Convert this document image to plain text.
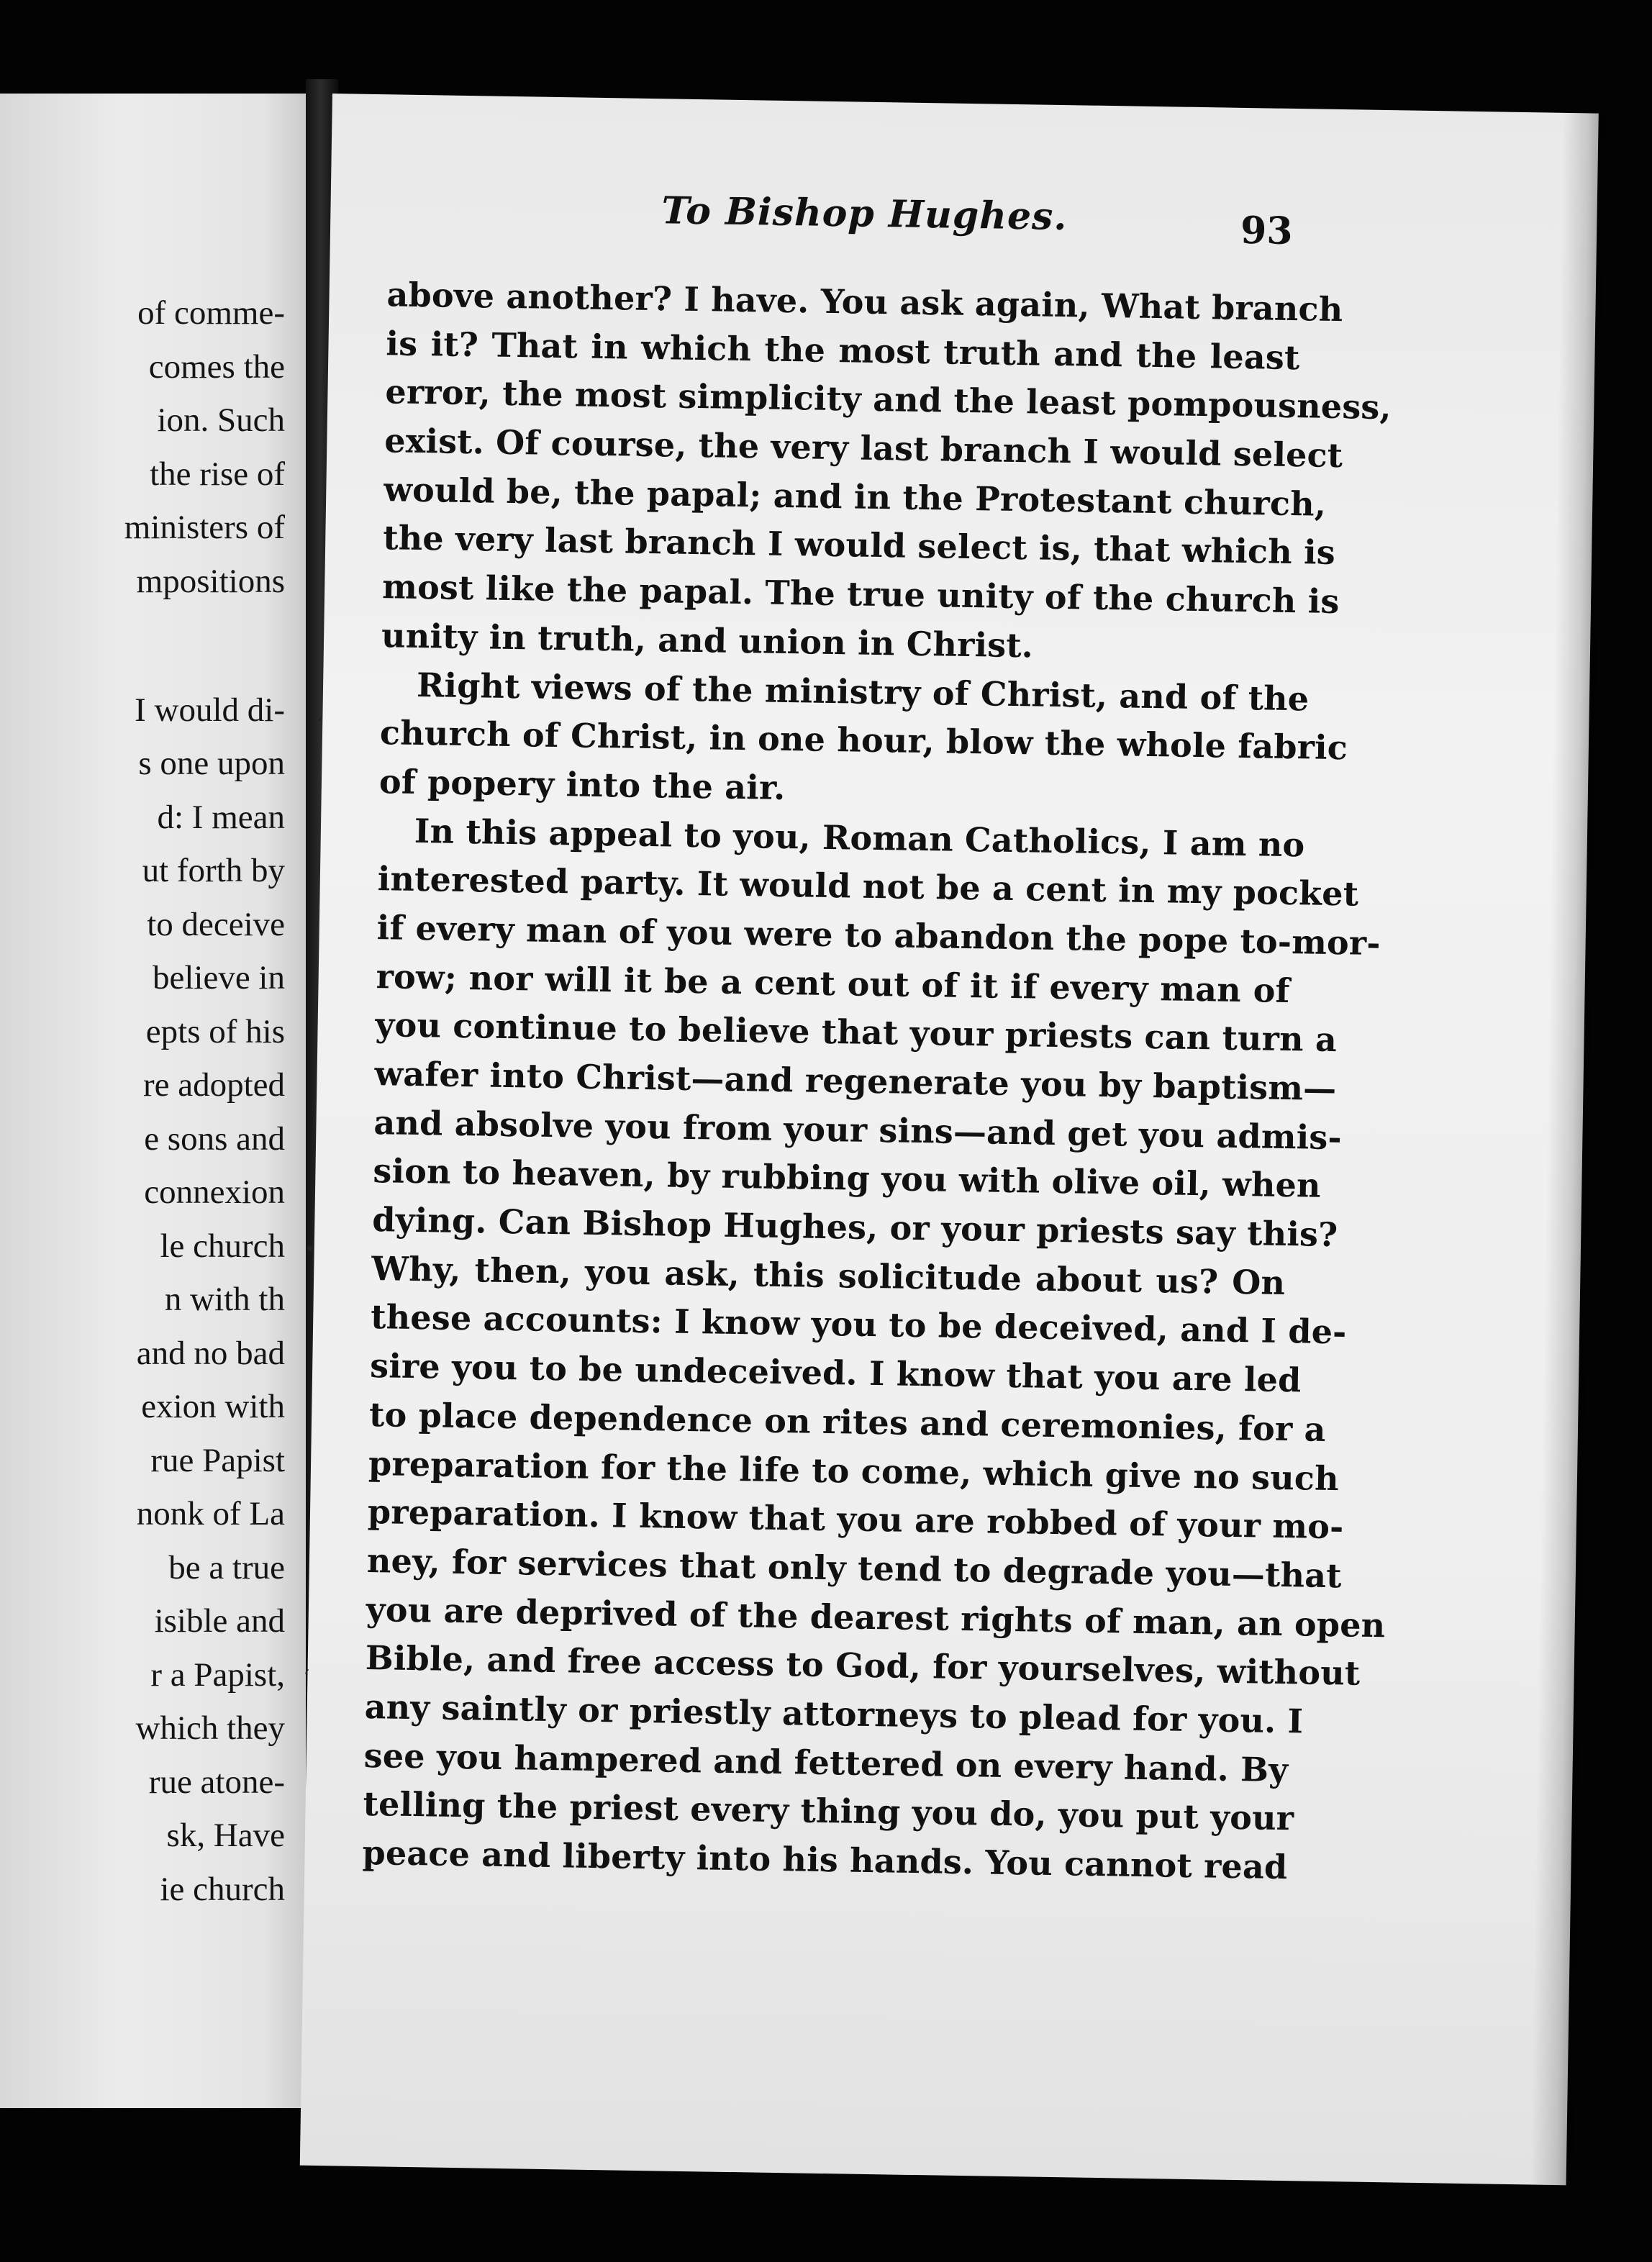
of comme-
comes the
ion. Such
the rise of
ministers of
mpositions
I would di-
s one upon
d: I mean
ut forth by
to deceive
believe in
epts of his
re adopted
e sons and
connexion
le church
n with th
and no bad
exion with
rue Papist
nonk of La
be a true
isible and
r a Papist,
which they
rue atone-
sk, Have
ie church
To Bishop Hughes.	93
above another? I have. You ask again, What branch
is it? That in which the most truth and the least
error, the most simplicity and the least pompousness,
exist. Of course, the very last branch I would select
would be, the papal; and in the Protestant church,
the very last branch I would select is, that which is
most like the papal. The true unity of the church is
unity in truth, and union in Christ.
Right views of the ministry of Christ, and of the
church of Christ, in one hour, blow the whole fabric
of popery into the air.
In this appeal to you, Roman Catholics, I am no
interested party. It would not be a cent in my pocket
if every man of you were to abandon the pope to-mor-
row; nor will it be a cent out of it if every man of
you continue to believe that your priests can turn a
wafer into Christ—and regenerate you by baptism—
and absolve you from your sins—and get you admis-
sion to heaven, by rubbing you with olive oil, when
dying. Can Bishop Hughes, or your priests say this?
Why, then, you ask, this solicitude about us? On
these accounts: I know you to be deceived, and I de-
sire you to be undeceived. I know that you are led
to place dependence on rites and ceremonies, for a
preparation for the life to come, which give no such
preparation. I know that you are robbed of your mo-
ney, for services that only tend to degrade you—that
you are deprived of the dearest rights of man, an open
Bible, and free access to God, for yourselves, without
any saintly or priestly attorneys to plead for you. I
see you hampered and fettered on every hand. By
telling the priest every thing you do, you put your
peace and liberty into his hands. You cannot read
‘
•
‘
